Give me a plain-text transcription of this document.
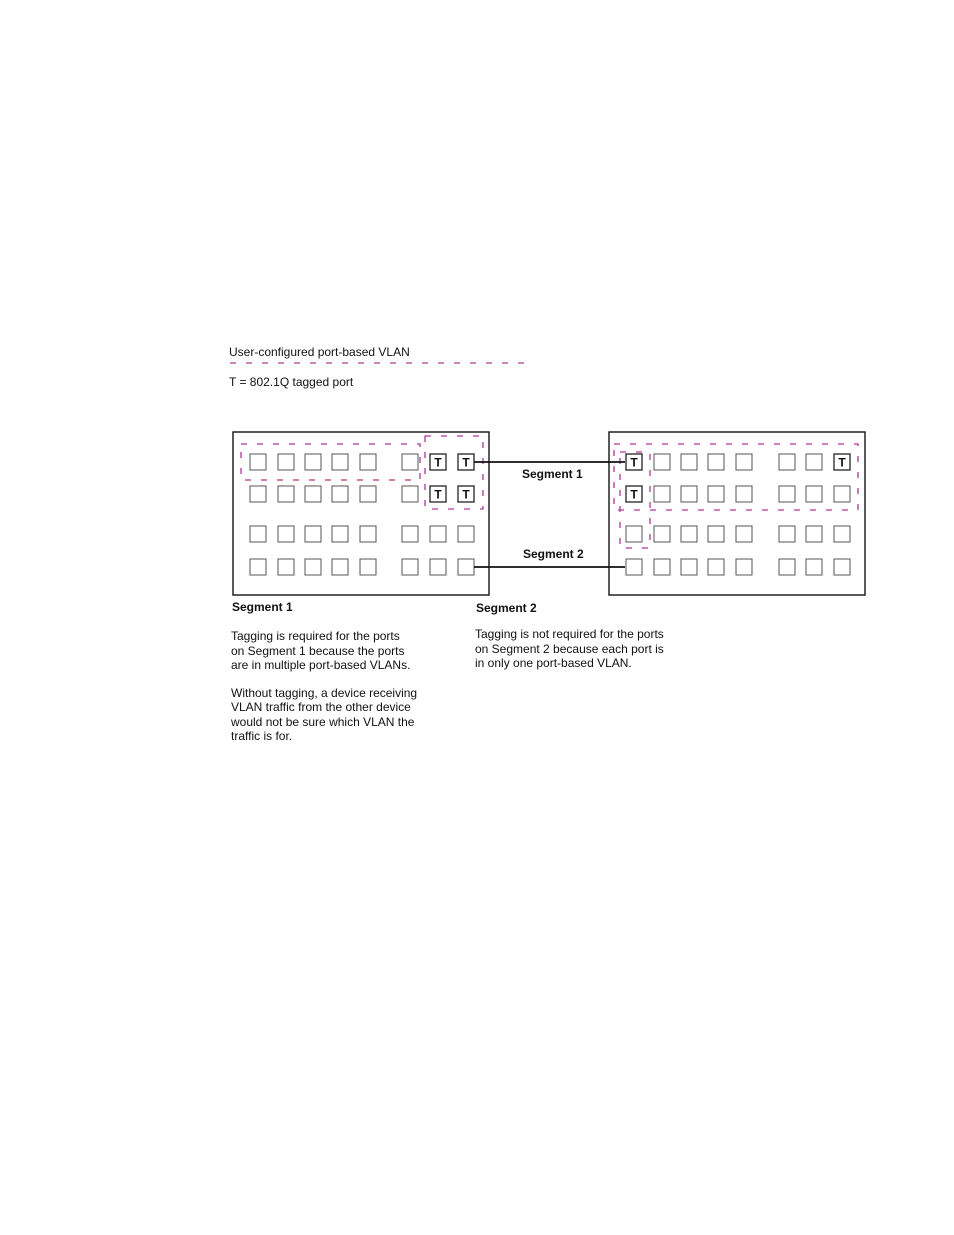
User-configured port-based VLAN
T = 802.1Q tagged port
T T
T T
T	T
T
Segment 1
Segment 2
Segment 1	Segment 2

Tagging is required for the ports
on Segment 1 because the ports
are in multiple port-based VLANs.

Without tagging, a device receiving
VLAN traffic from the other device
would not be sure which VLAN the
traffic is for.

Tagging is not required for the ports
on Segment 2 because each port is
in only one port-based VLAN.
